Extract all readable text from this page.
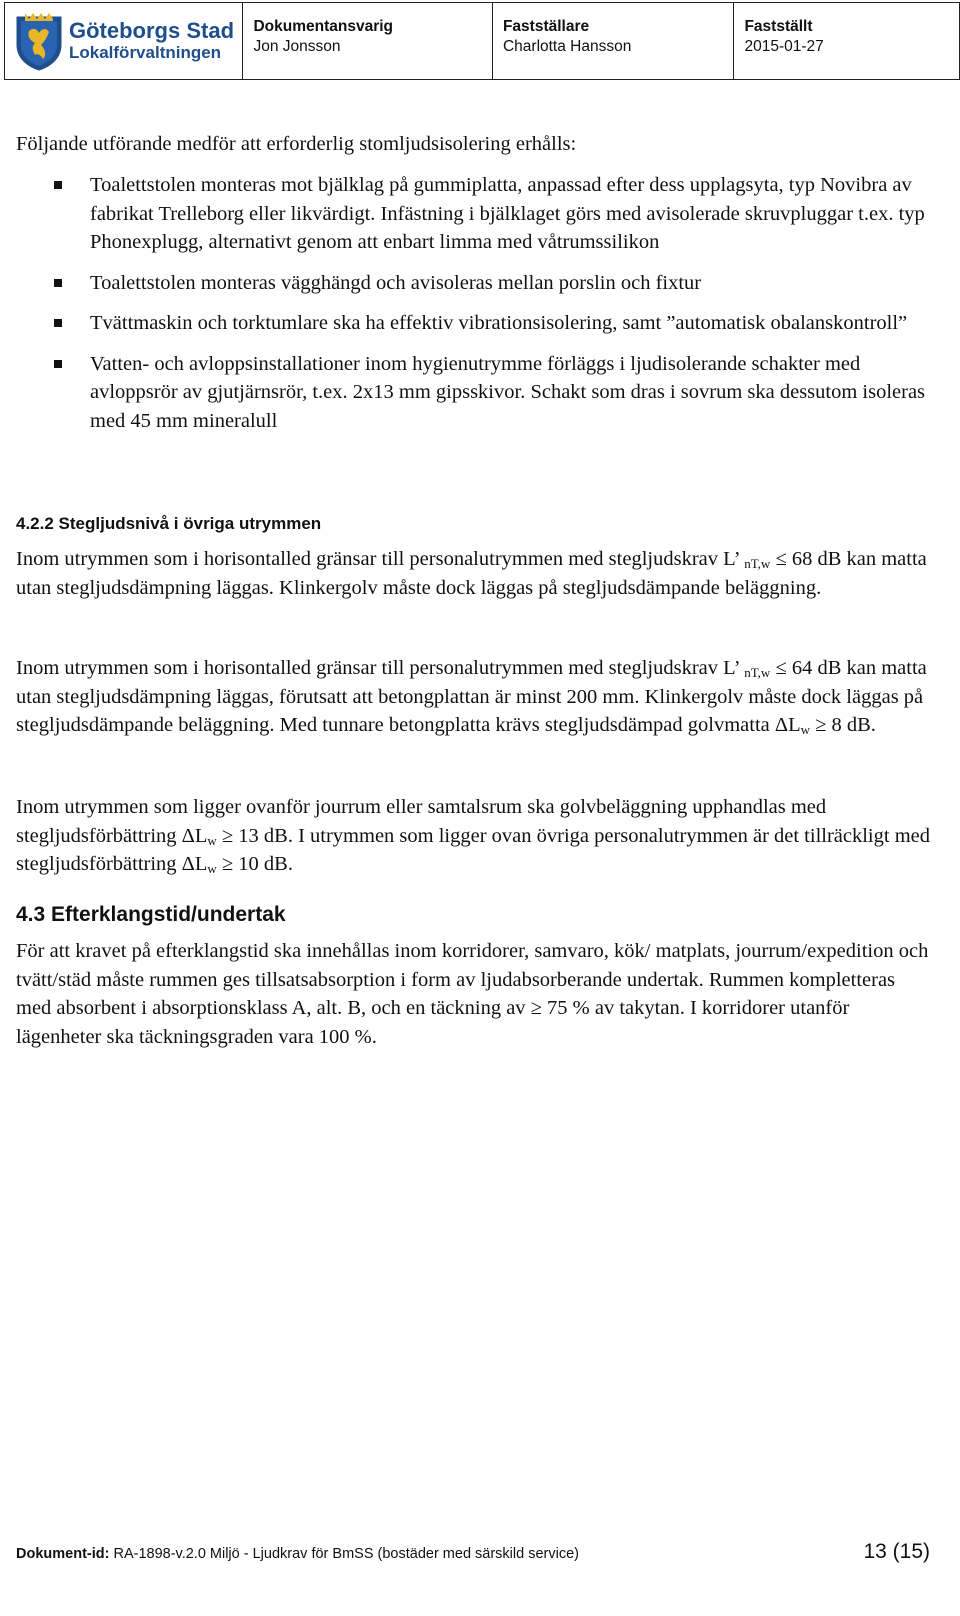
Göteborgs Stad
Lokalförvaltningen
Dokumentansvarig
Jon Jonsson
Fastställare
Charlotta Hansson
Fastställt
2015-01-27
Följande utförande medför att erforderlig stomljudsisolering erhålls:
Toalettstolen monteras mot bjälklag på gummiplatta, anpassad efter dess upplagsyta, typ Novibra av fabrikat Trelleborg eller likvärdigt. Infästning i bjälklaget görs med avisolerade skruvpluggar t.ex. typ Phonexplugg, alternativt genom att enbart limma med våtrumssilikon
Toalettstolen monteras vägghängd och avisoleras mellan porslin och fixtur
Tvättmaskin och torktumlare ska ha effektiv vibrationsisolering, samt ”automatisk obalanskontroll”
Vatten- och avloppsinstallationer inom hygienutrymme förläggs i ljudisolerande schakter med avloppsrör av gjutjärnsrör, t.ex. 2x13 mm gipsskivor. Schakt som dras i sovrum ska dessutom isoleras med 45 mm mineralull
4.2.2 Stegljudsnivå i övriga utrymmen
Inom utrymmen som i horisontalled gränsar till personalutrymmen med stegljudskrav L’ $_{nT,w}$ ≤ 68 dB kan matta utan stegljudsdämpning läggas. Klinkergolv måste dock läggas på stegljudsdämpande beläggning.
Inom utrymmen som i horisontalled gränsar till personalutrymmen med stegljudskrav L’ $_{nT,w}$ ≤ 64 dB kan matta utan stegljudsdämpning läggas, förutsatt att betongplattan är minst 200 mm. Klinkergolv måste dock läggas på stegljudsdämpande beläggning. Med tunnare betongplatta krävs stegljudsdämpad golvmatta $\Delta L_w \ge 8$ dB.
Inom utrymmen som ligger ovanför jourrum eller samtalsrum ska golvbeläggning upphandlas med stegljudsförbättring $\Delta L_w \ge 13$ dB. I utrymmen som ligger ovan övriga personalutrymmen är det tillräckligt med stegljudsförbättring $\Delta L_w \ge 10$ dB.
4.3 Efterklangstid/undertak
För att kravet på efterklangstid ska innehållas inom korridorer, samvaro, kök/ matplats, jourrum/expedition och tvätt/städ måste rummen ges tillsatsabsorption i form av ljudabsorberande undertak. Rummen kompletteras med absorbent i absorptionsklass A, alt. B, och en täckning av ≥ 75 % av takytan. I korridorer utanför lägenheter ska täckningsgraden vara 100 %.
Dokument-id: RA-1898-v.2.0 Miljö - Ljudkrav för BmSS (bostäder med särskild service)	13 (15)
